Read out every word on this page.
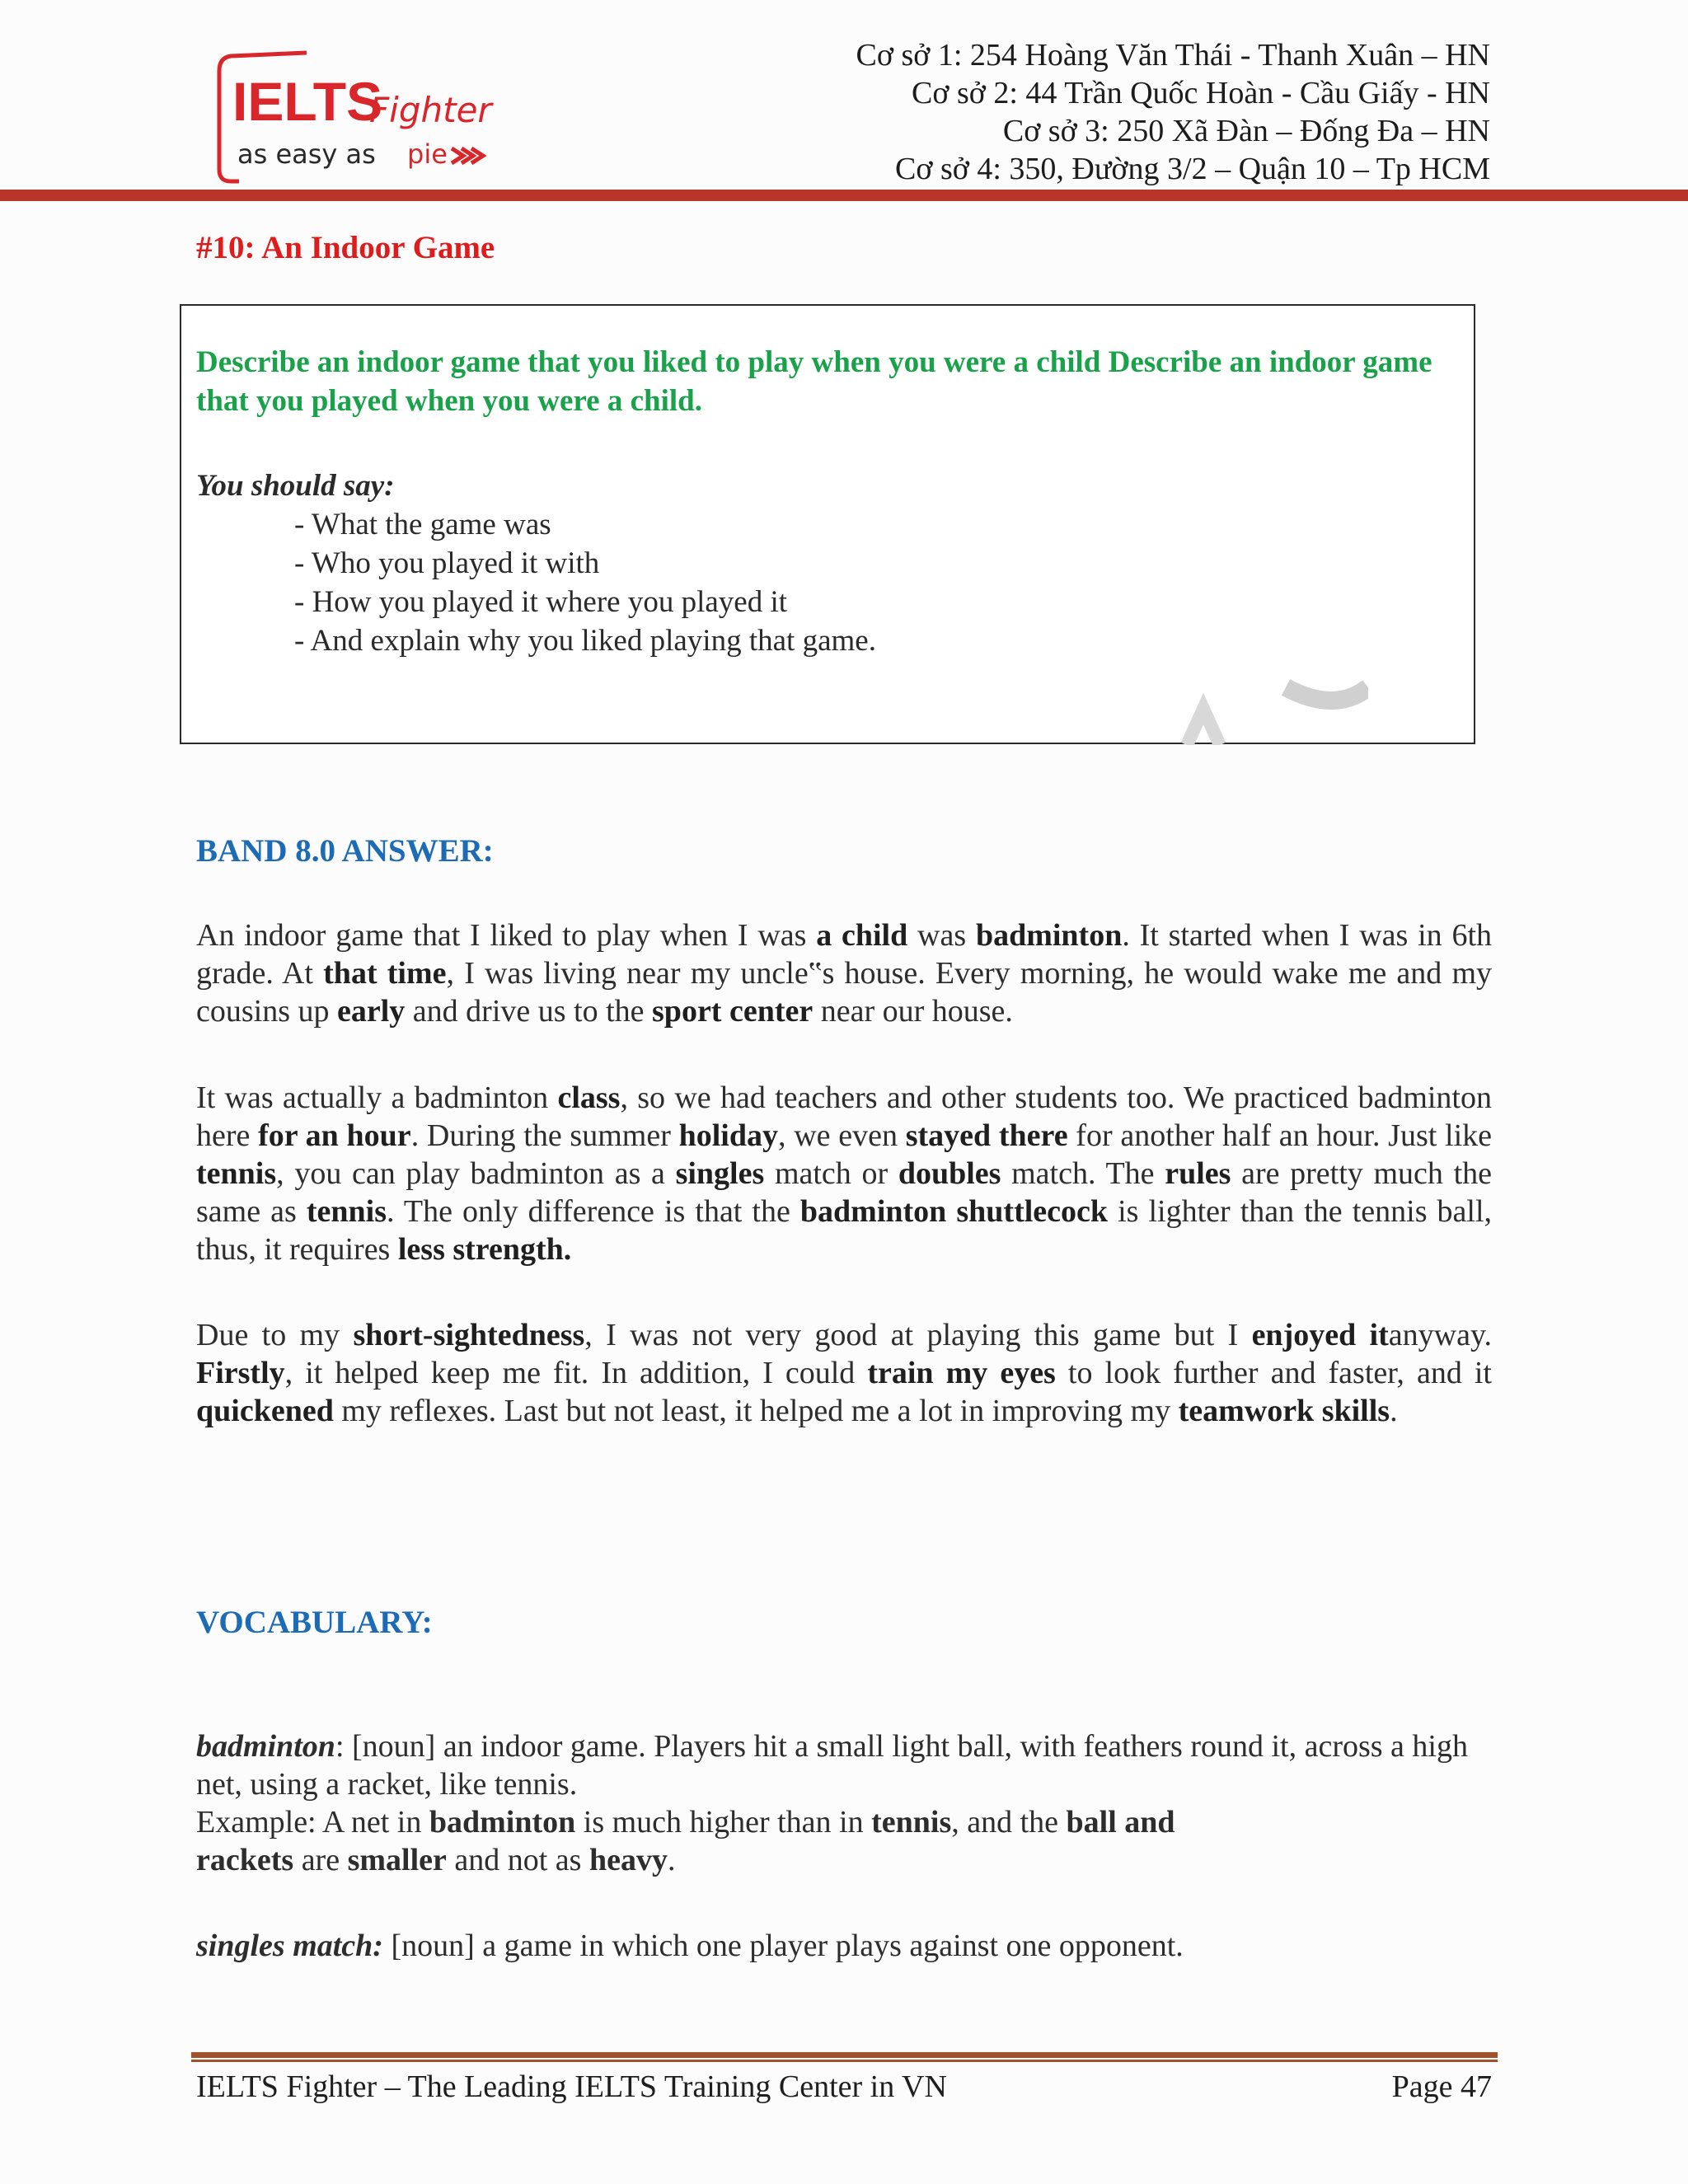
IELTS
Fighter
as easy as pie
Cơ sở 1: 254 Hoàng Văn Thái - Thanh Xuân – HN
Cơ sở 2: 44 Trần Quốc Hoàn - Cầu Giấy - HN
Cơ sở 3: 250 Xã Đàn – Đống Đa – HN
Cơ sở 4: 350, Đường 3/2 – Quận 10 – Tp HCM
#10: An Indoor Game
Describe an indoor game that you liked to play when you were a child Describe an indoor game that you played when you were a child.
You should say:
- What the game was
- Who you played it with
- How you played it where you played it
- And explain why you liked playing that game.
BAND 8.0 ANSWER:
An indoor game that I liked to play when I was a child was badminton. It started when I was in 6th grade. At that time, I was living near my uncle‟s house. Every morning, he would wake me and my cousins up early and drive us to the sport center near our house.
It was actually a badminton class, so we had teachers and other students too. We practiced badminton here for an hour. During the summer holiday, we even stayed there for another half an hour. Just like tennis, you can play badminton as a singles match or doubles match. The rules are pretty much the same as tennis. The only difference is that the badminton shuttlecock is lighter than the tennis ball, thus, it requires less strength.
Due to my short-sightedness, I was not very good at playing this game but I enjoyed itanyway. Firstly, it helped keep me fit. In addition, I could train my eyes to look further and faster, and it quickened my reflexes. Last but not least, it helped me a lot in improving my teamwork skills.
VOCABULARY:
badminton: [noun] an indoor game. Players hit a small light ball, with feathers round it, across a high net, using a racket, like tennis.
Example: A net in badminton is much higher than in tennis, and the ball and
rackets are smaller and not as heavy.
singles match: [noun] a game in which one player plays against one opponent.
IELTS Fighter – The Leading IELTS Training Center in VN	Page 47
